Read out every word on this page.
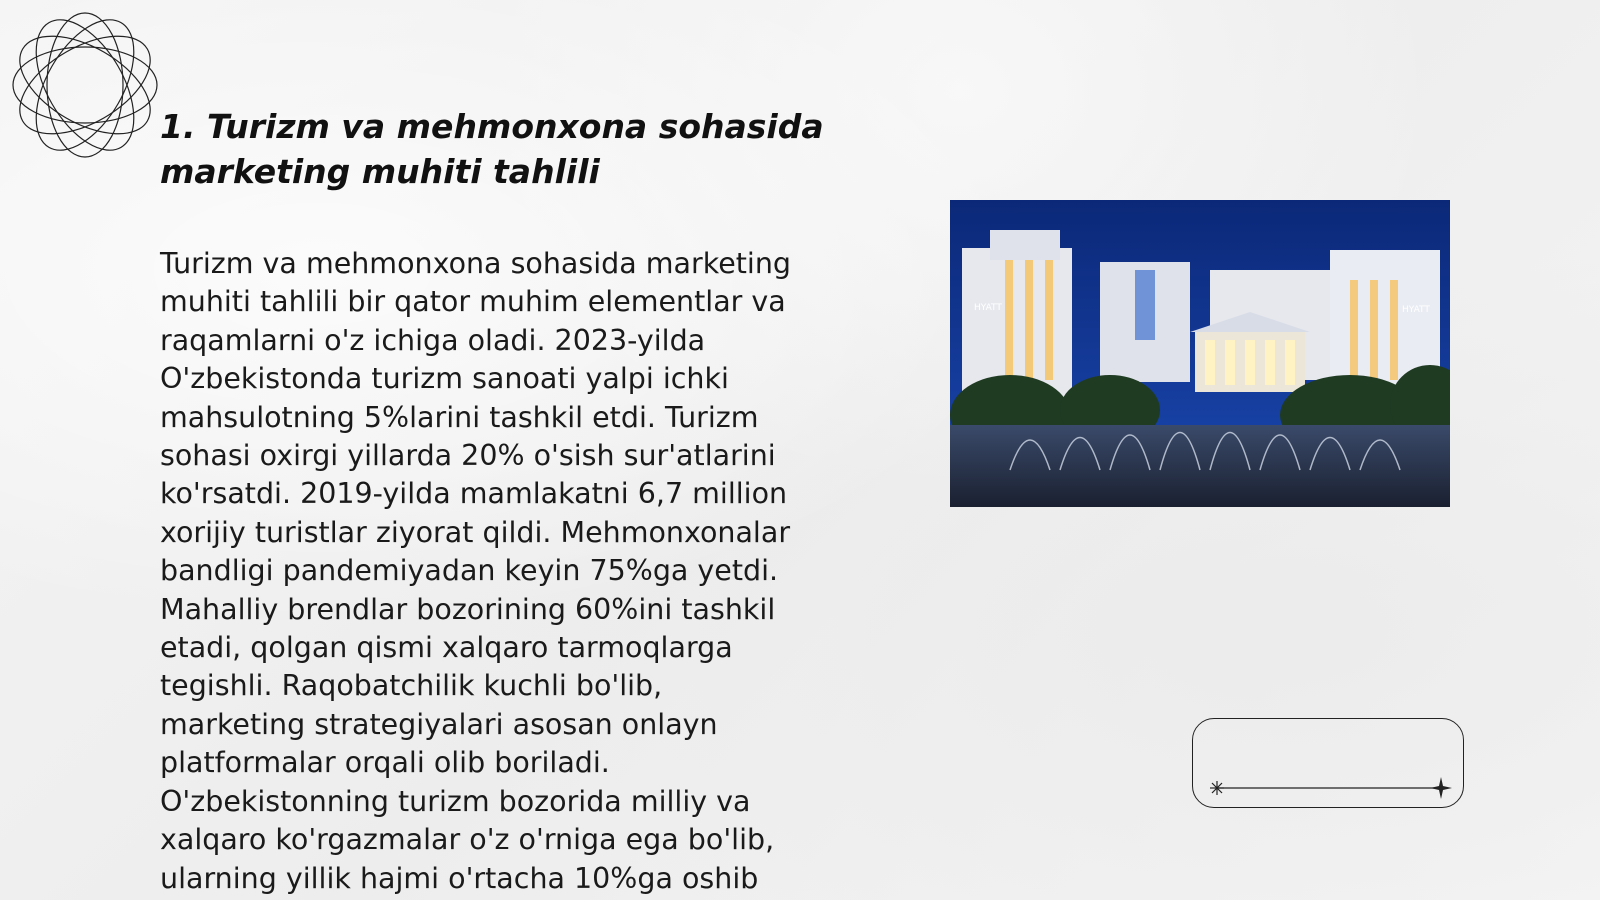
1. Turizm va mehmonxona sohasida marketing muhiti tahlili

Turizm va mehmonxona sohasida marketing
muhiti tahlili bir qator muhim elementlar va
raqamlarni o'z ichiga oladi. 2023-yilda
O'zbekistonda turizm sanoati yalpi ichki
mahsulotning 5%larini tashkil etdi. Turizm
sohasi oxirgi yillarda 20% o'sish sur'atlarini
ko'rsatdi. 2019-yilda mamlakatni 6,7 million
xorijiy turistlar ziyorat qildi. Mehmonxonalar
bandligi pandemiyadan keyin 75%ga yetdi.
Mahalliy brendlar bozorining 60%ini tashkil
etadi, qolgan qismi xalqaro tarmoqlarga
tegishli. Raqobatchilik kuchli bo'lib,
marketing strategiyalari asosan onlayn
platformalar orqali olib boriladi.
O'zbekistonning turizm bozorida milliy va
xalqaro ko'rgazmalar o'z o'rniga ega bo'lib,
ularning yillik hajmi o'rtacha 10%ga oshib

HYATT	HYATT
